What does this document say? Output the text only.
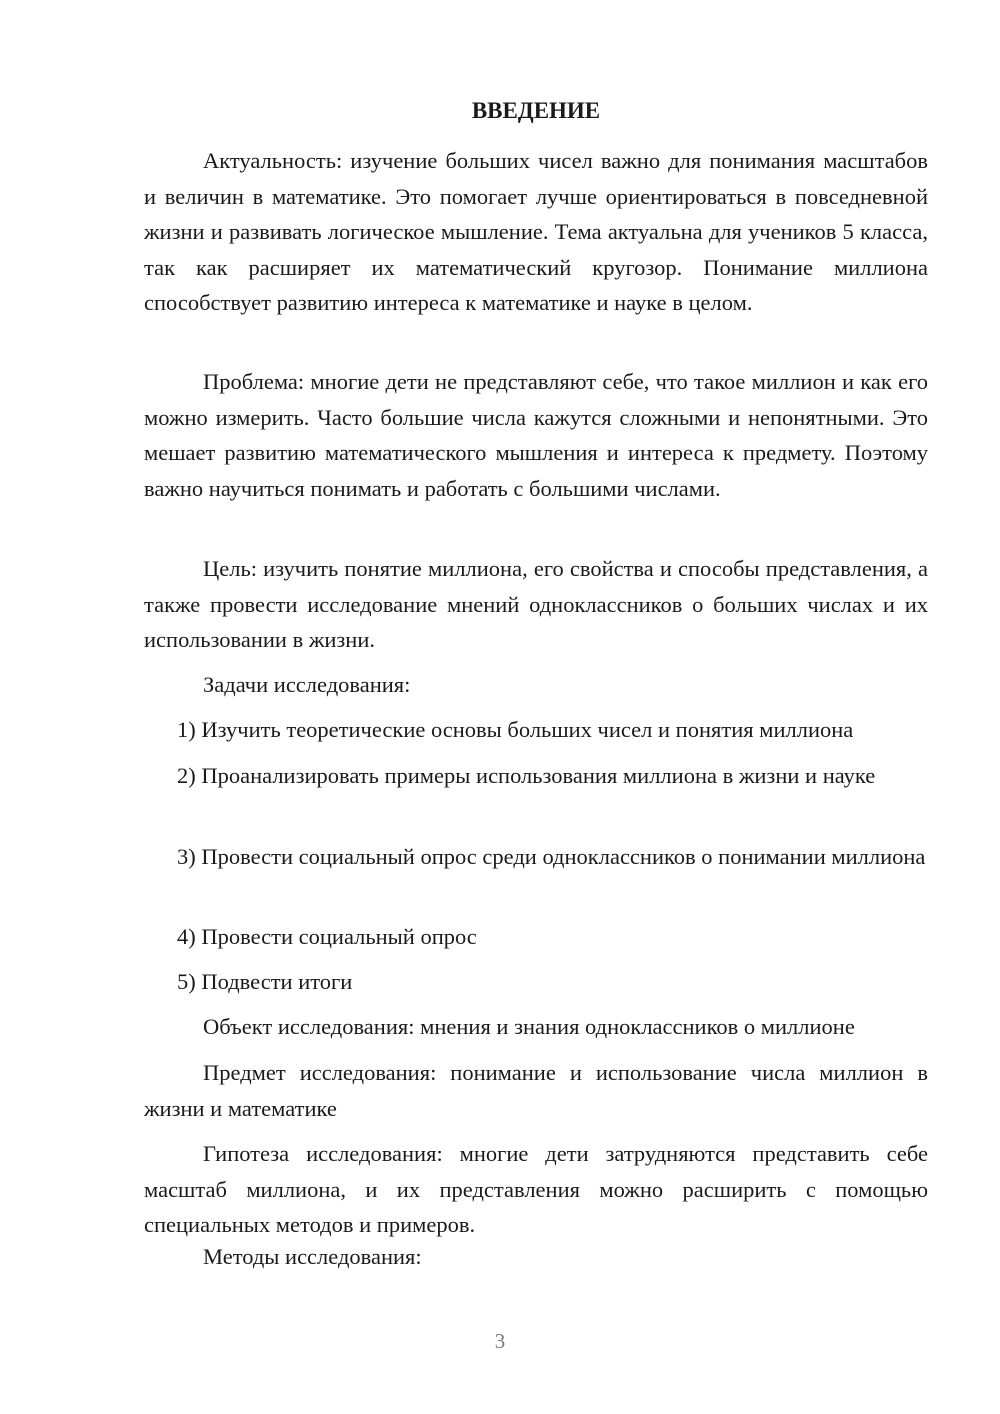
ВВЕДЕНИЕ

Актуальность: изучение больших чисел важно для понимания масштабов и величин в математике. Это помогает лучше ориентироваться в повседневной жизни и развивать логическое мышление. Тема актуальна для учеников 5 класса, так как расширяет их математический кругозор. Понимание миллиона способствует развитию интереса к математике и науке в целом.

Проблема: многие дети не представляют себе, что такое миллион и как его можно измерить. Часто большие числа кажутся сложными и непонятными. Это мешает развитию математического мышления и интереса к предмету. Поэтому важно научиться понимать и работать с большими числами.

Цель: изучить понятие миллиона, его свойства и способы представления, а также провести исследование мнений одноклассников о больших числах и их использовании в жизни.

Задачи исследования:

1) Изучить теоретические основы больших чисел и понятия миллиона

2) Проанализировать примеры использования миллиона в жизни и науке

3) Провести социальный опрос среди одноклассников о понимании миллиона

4) Провести социальный опрос

5) Подвести итоги

Объект исследования: мнения и знания одноклассников о миллионе

Предмет исследования: понимание и использование числа миллион в жизни и математике

Гипотеза исследования: многие дети затрудняются представить себе масштаб миллиона, и их представления можно расширить с помощью специальных методов и примеров.

Методы исследования:

3
